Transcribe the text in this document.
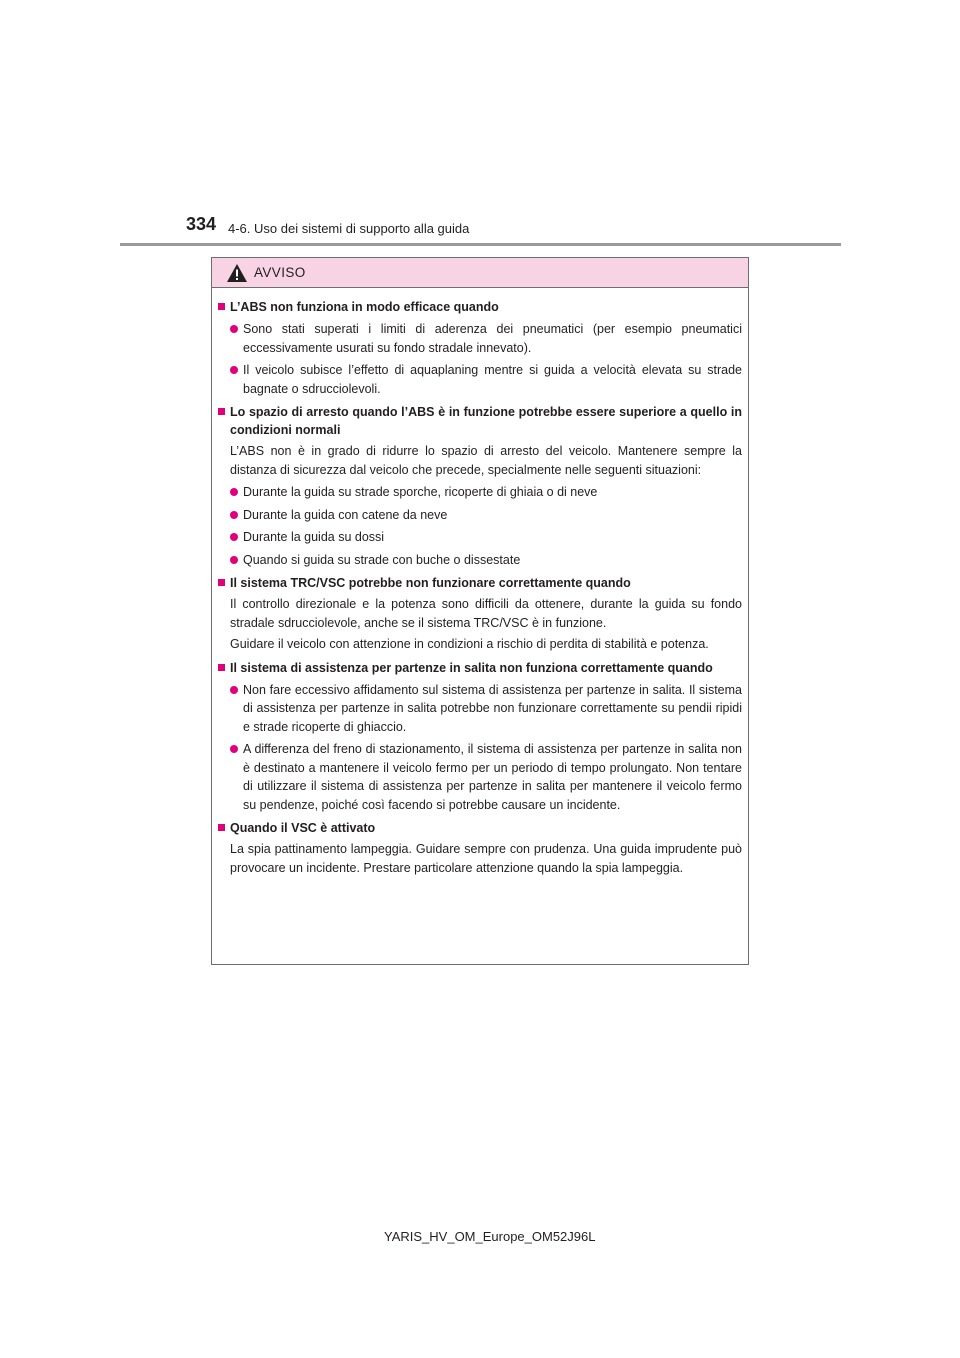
334 4-6. Uso dei sistemi di supporto alla guida
AVVISO
L’ABS non funziona in modo efficace quando
Sono stati superati i limiti di aderenza dei pneumatici (per esempio pneumatici eccessivamente usurati su fondo stradale innevato).
Il veicolo subisce l’effetto di aquaplaning mentre si guida a velocità elevata su strade bagnate o sdrucciolevoli.
Lo spazio di arresto quando l’ABS è in funzione potrebbe essere superiore a quello in condizioni normali
L’ABS non è in grado di ridurre lo spazio di arresto del veicolo. Mantenere sempre la distanza di sicurezza dal veicolo che precede, specialmente nelle seguenti situazioni:
Durante la guida su strade sporche, ricoperte di ghiaia o di neve
Durante la guida con catene da neve
Durante la guida su dossi
Quando si guida su strade con buche o dissestate
Il sistema TRC/VSC potrebbe non funzionare correttamente quando
Il controllo direzionale e la potenza sono difficili da ottenere, durante la guida su fondo stradale sdrucciolevole, anche se il sistema TRC/VSC è in funzione.
Guidare il veicolo con attenzione in condizioni a rischio di perdita di stabilità e potenza.
Il sistema di assistenza per partenze in salita non funziona correttamente quando
Non fare eccessivo affidamento sul sistema di assistenza per partenze in salita. Il sistema di assistenza per partenze in salita potrebbe non funzionare correttamente su pendii ripidi e strade ricoperte di ghiaccio.
A differenza del freno di stazionamento, il sistema di assistenza per partenze in salita non è destinato a mantenere il veicolo fermo per un periodo di tempo prolungato. Non tentare di utilizzare il sistema di assistenza per partenze in salita per mantenere il veicolo fermo su pendenze, poiché così facendo si potrebbe causare un incidente.
Quando il VSC è attivato
La spia pattinamento lampeggia. Guidare sempre con prudenza. Una guida imprudente può provocare un incidente. Prestare particolare attenzione quando la spia lampeggia.
YARIS_HV_OM_Europe_OM52J96L
